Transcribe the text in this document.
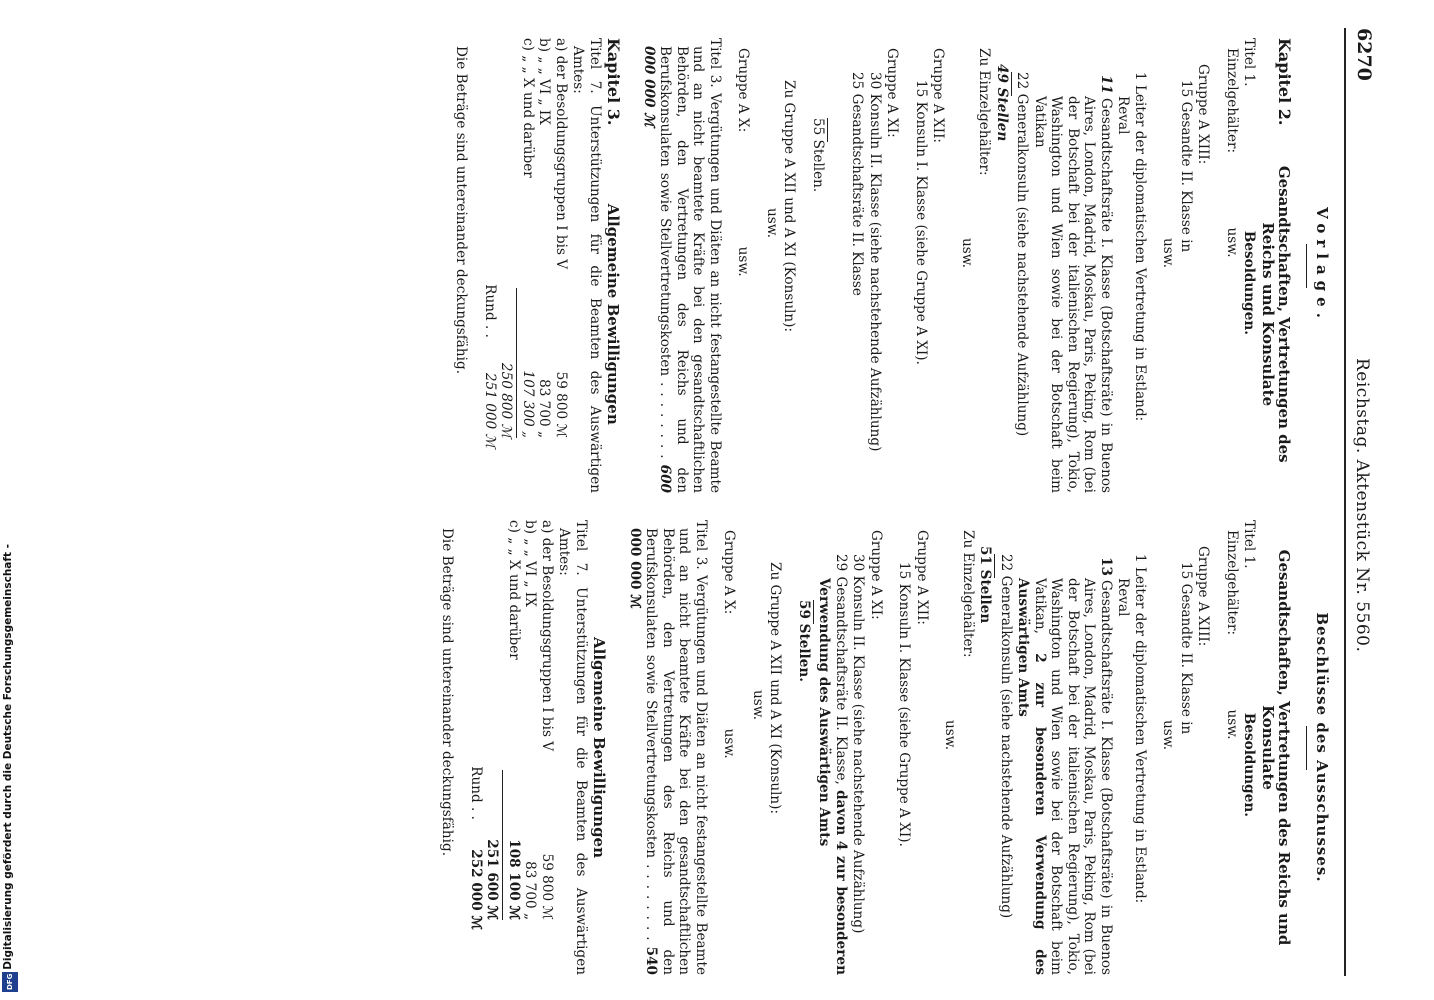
6270
Reichstag. Aktenstück Nr. 5560.
Vorlage.
Kapitel 2.
Gesandtschaften, Vertretungen des Reichs und Konsulate
Titel 1. Besoldungen.
Einzelgehälter: usw.
Gruppe A XIII:
15 Gesandte II. Klasse in
usw.
1 Leiter der diplomatischen Vertretung in Estland:
Reval
11Gesandtschaftsräte I. Klasse (Botschaftsräte) in Buenos Aires, London, Madrid, Moskau, Paris, Peking, Rom (bei der Botschaft bei der italienischen Regierung), Tokio, Washington und Wien sowie bei der Botschaft beim Vatikan
22 Generalkonsuln (siehe nachstehende Aufzählung)
49 Stellen
Zu Einzelgehälter:
usw.
Gruppe A XII:
15 Konsuln I. Klasse (siehe Gruppe A XI).
Gruppe A XI:
30 Konsuln II. Klasse (siehe nachstehende Aufzählung)
25 Gesandtschaftsräte II. Klasse
55 Stellen.
Zu Gruppe A XII und A XI (Konsuln):
usw.
Gruppe A X: usw.
Titel 3. Vergütungen und Diäten an nicht festangestellte Beamte und an nicht beamtete Kräfte bei den gesandtschaftlichen Behörden, den Vertretungen des Reichs und den Berufskonsulaten sowie Stellvertretungskosten . . . . . . . . 600 000 000 ℳ
Kapitel 3.
Allgemeine Bewilligungen
Titel 7. Unterstützungen für die Beamten des Auswärtigen Amtes:
a) der Besoldungsgruppen I bis V
59 800 ℳ
b) „ „ VI „ IX
83 700 „
c) „ „ X und darüber
107 300 „
250 800 ℳ
Rund . .
251 000 ℳ
Die Beträge sind untereinander deckungsfähig.
Beschlüsse des Ausschusses.
Gesandtschaften, Vertretungen des Reichs und Konsulate
Titel 1. Besoldungen.
Einzelgehälter: usw.
Gruppe A XIII:
15 Gesandte II. Klasse in
usw.
1 Leiter der diplomatischen Vertretung in Estland:
Reval
13Gesandtschaftsräte I. Klasse (Botschaftsräte) in Buenos Aires, London, Madrid, Moskau, Paris, Peking, Rom (bei der Botschaft bei der italienischen Regierung), Tokio, Washington und Wien sowie bei der Botschaft beim Vatikan, 2 zur besonderen Verwendung des Auswärtigen Amts
22 Generalkonsuln (siehe nachstehende Aufzählung)
51 Stellen
Zu Einzelgehälter:
usw.
Gruppe A XII:
15 Konsuln I. Klasse (siehe Gruppe A XI).
Gruppe A XI:
30 Konsuln II. Klasse (siehe nachstehende Aufzählung)
29 Gesandtschaftsräte II. Klasse, davon 4 zur besonderen Verwendung des Auswärtigen Amts
59 Stellen.
Zu Gruppe A XII und A XI (Konsuln):
usw.
Gruppe A X: usw.
Titel 3. Vergütungen und Diäten an nicht festangestellte Beamte und an nicht beamtete Kräfte bei den gesandtschaftlichen Behörden, den Vertretungen des Reichs und den Berufskonsulaten sowie Stellvertretungskosten . . . . . . . . 540 000 000 ℳ
Allgemeine Bewilligungen
Titel 7. Unterstützungen für die Beamten des Auswärtigen Amtes:
a) der Besoldungsgruppen I bis V
59 800 ℳ
b) „ „ VI „ IX
83 700 „
c) „ „ X und darüber
108 100 ℳ
251 600 ℳ
Rund . .
252 000 ℳ
Die Beträge sind untereinander deckungsfähig.
Digitalisierung gefördert durch die Deutsche Forschungsgemeinschaft -
DFG
